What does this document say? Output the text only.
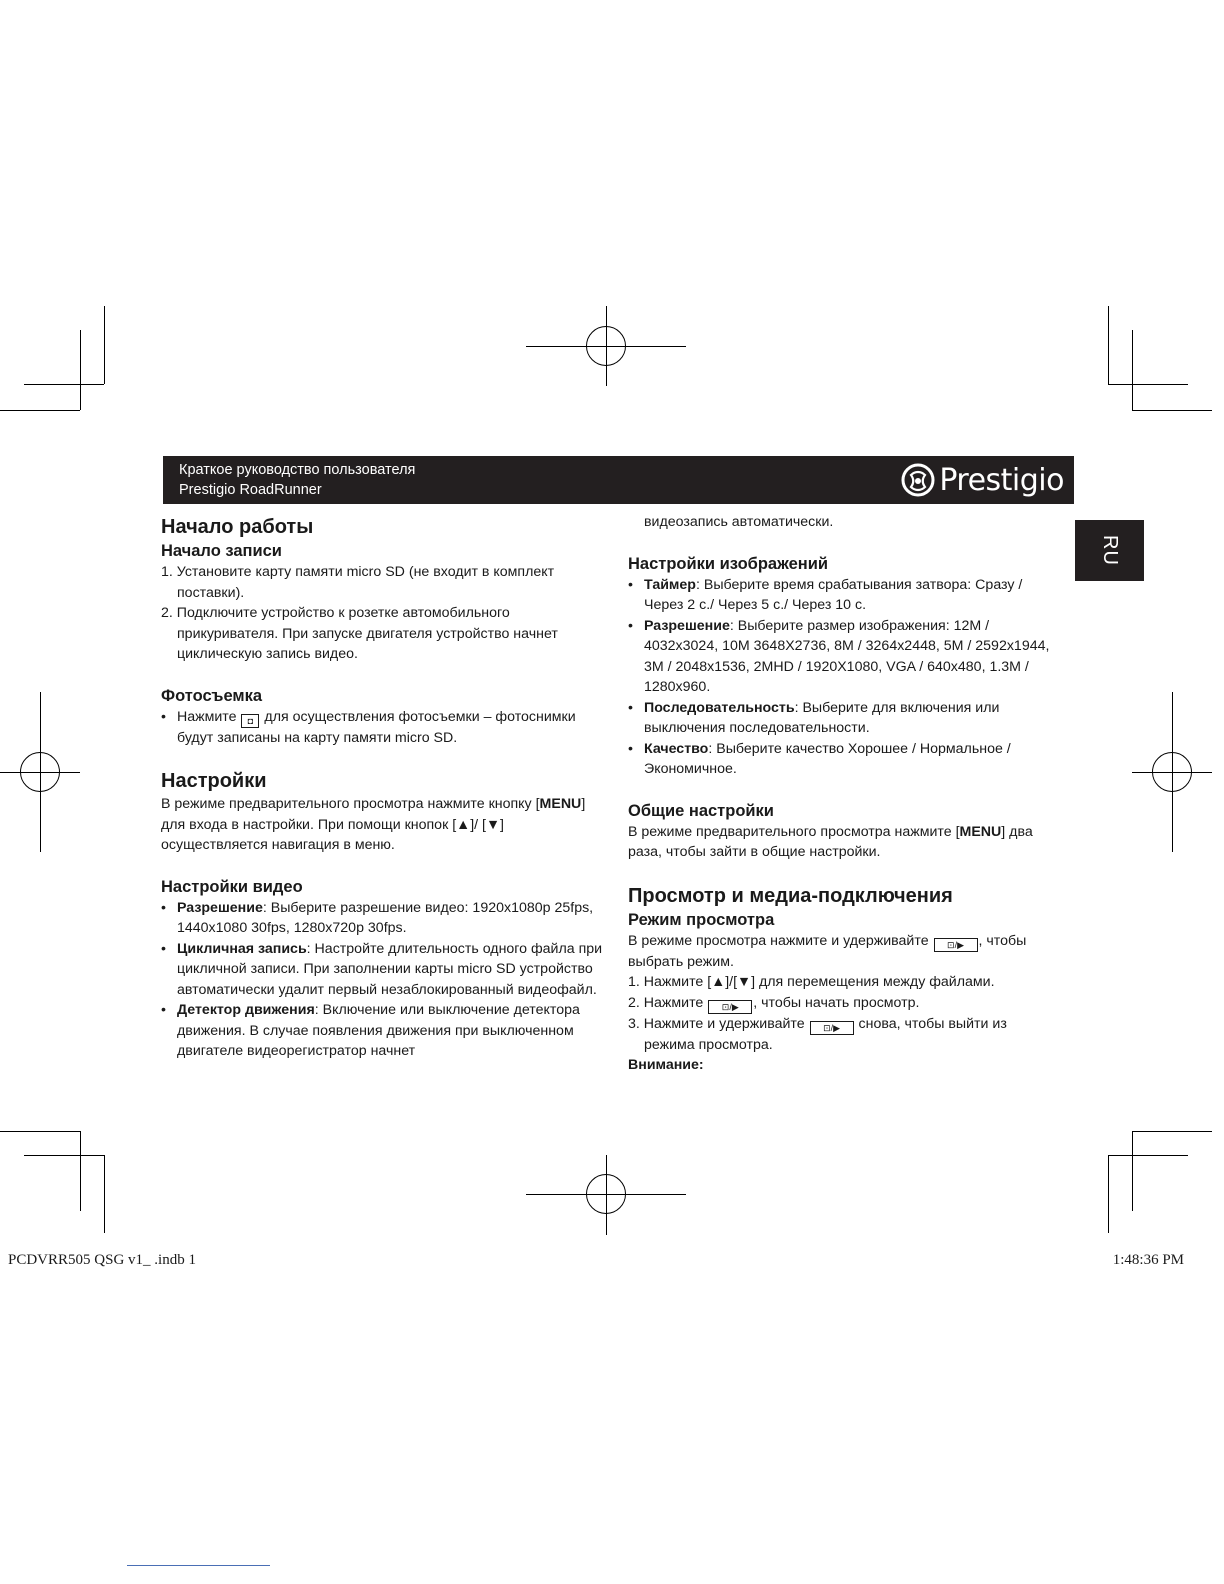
Краткое руководство пользователя
Prestigio RoadRunner	Prestigio
RU

Начало работы

Начало записи

1. Установите карту памяти micro SD (не входит в комплект поставки).
2. Подключите устройство к розетке автомобильного прикуривателя. При запуске двигателя устройство начнет циклическую запись видео.

Фотосъемка

• Нажмите ◘ для осуществления фотосъемки – фотоснимки будут записаны на карту памяти micro SD.

Настройки

В режиме предварительного просмотра нажмите кнопку [MENU] для входа в настройки. При помощи кнопок [▲]/ [▼] осуществляется навигация в меню.

Настройки видео

• Разрешение: Выберите разрешение видео: 1920x1080p 25fps, 1440x1080 30fps, 1280x720p 30fps.
• Цикличная запись: Настройте длительность одного файла при цикличной записи. При заполнении карты micro SD устройство автоматически удалит первый незаблокированный видеофайл.
• Детектор движения: Включение или выключение детектора движения. В случае появления движения при выключенном двигателе видеорегистратор начнет

видеозапись автоматически.

Настройки изображений

• Таймер: Выберите время срабатывания затвора: Сразу /Через 2 с./ Через 5 с./ Через 10 с.
• Разрешение: Выберите размер изображения: 12M / 4032x3024, 10M 3648X2736, 8M / 3264x2448, 5M / 2592x1944, 3M / 2048x1536, 2MHD / 1920X1080, VGA / 640x480, 1.3M / 1280x960.
• Последовательность: Выберите для включения или выключения последовательности.
• Качество: Выберите качество Хорошее / Нормальное / Экономичное.

Общие настройки

В режиме предварительного просмотра нажмите [MENU] два раза, чтобы зайти в общие настройки.

Просмотр и медиа-подключения

Режим просмотра

В режиме просмотра нажмите и удерживайте ⊡/▶ , чтобы выбрать режим.

1. Нажмите [▲]/[▼] для перемещения между файлами.
2. Нажмите ⊡/▶ , чтобы начать просмотр.
3. Нажмите и удерживайте ⊡/▶ снова, чтобы выйти из режима просмотра.

Внимание:

PCDVRR505 QSG v1_ .indb 1	1:48:36 PM
